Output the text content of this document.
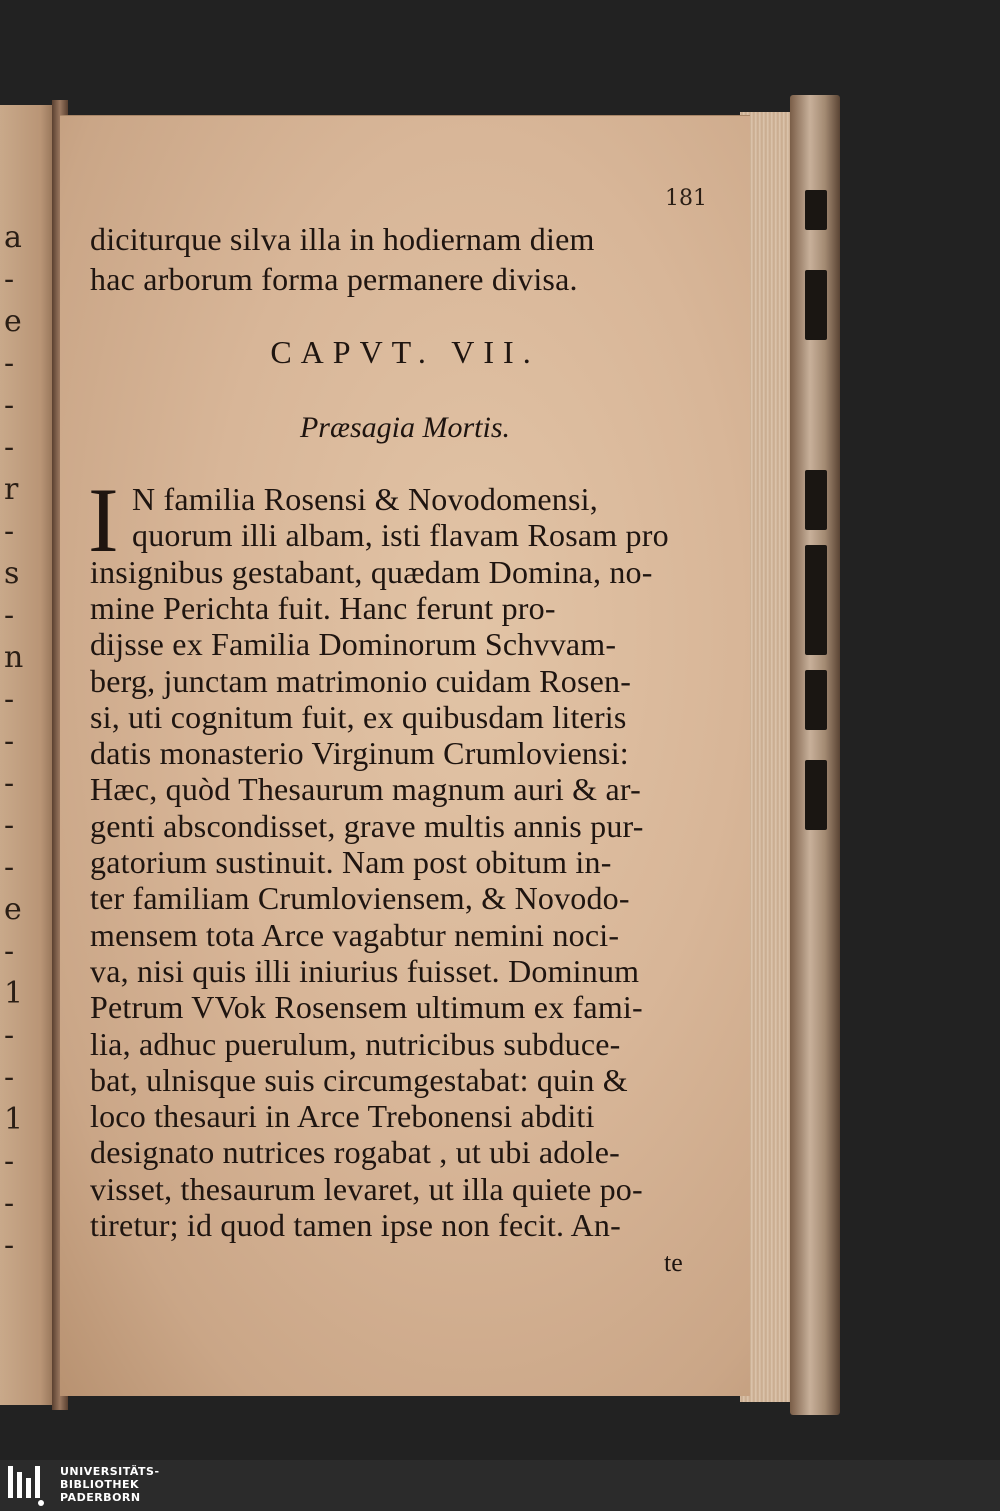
a
-
e
-
-
-
r
-
s
-
n
-
-
-
-
-
e
-
1
-
-
1
-
-
-
181
diciturque silva illa in hodiernam diem
hac arborum forma permanere divisa.
CAPVT. VII.
Præsagia Mortis.
I N familia Rosensi & Novodomensi,
quorum illi albam, isti flavam Rosam pro
insignibus gestabant, quædam Domina, no-
mine Perichta fuit. Hanc ferunt pro-
dijsse ex Familia Dominorum Schvvam-
berg, junctam matrimonio cuidam Rosen-
si, uti cognitum fuit, ex quibusdam literis
datis monasterio Virginum Crumloviensi:
Hæc, quòd Thesaurum magnum auri & ar-
genti abscondisset, grave multis annis pur-
gatorium sustinuit. Nam post obitum in-
ter familiam Crumloviensem, & Novodo-
mensem tota Arce vagabtur nemini noci-
va, nisi quis illi iniurius fuisset. Dominum
Petrum VVok Rosensem ultimum ex fami-
lia, adhuc puerulum, nutricibus subduce-
bat, ulnisque suis circumgestabat: quin &
loco thesauri in Arce Trebonensi abditi
designato nutrices rogabat , ut ubi adole-
visset, thesaurum levaret, ut illa quiete po-
tiretur; id quod tamen ipse non fecit. An-
te
UNIVERSITÄTS-
BIBLIOTHEK
PADERBORN
